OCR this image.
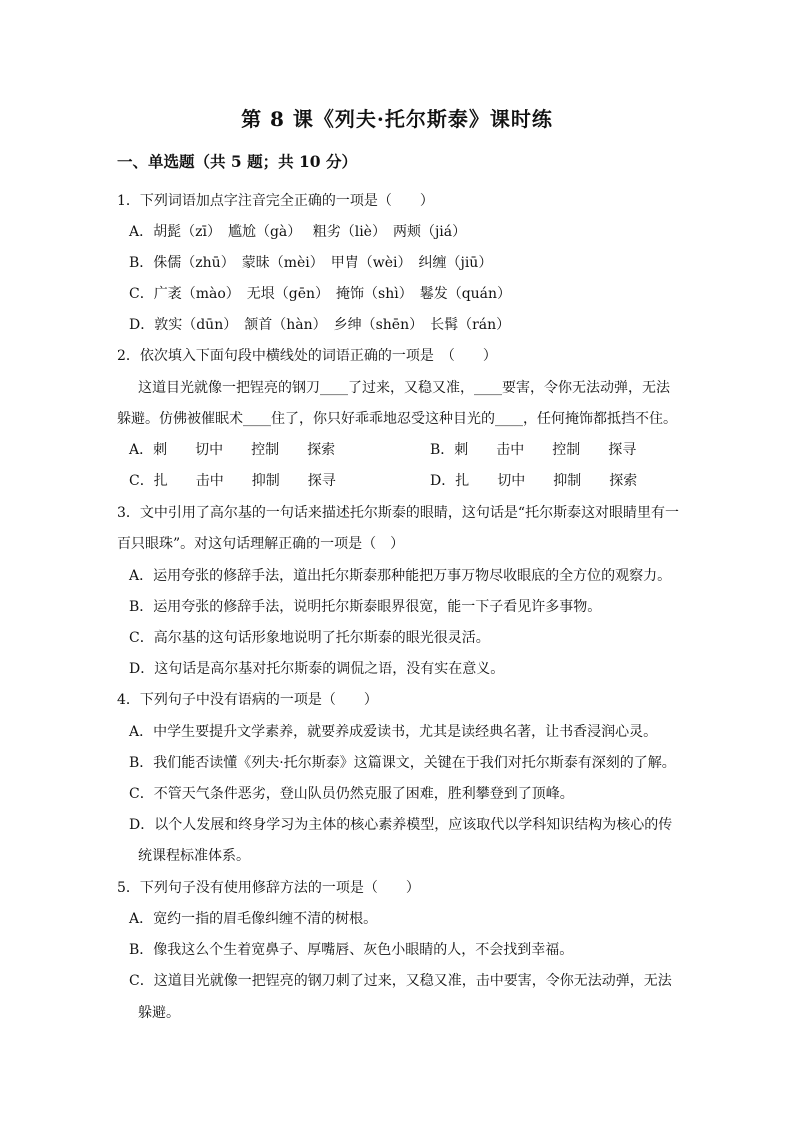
第 8 课《列夫·托尔斯泰》课时练
一、单选题（共 5 题；共 10 分）
1．下列词语加点字注音完全正确的一项是（　　）
A．胡髭（zī）　尴尬（gà）　 粗劣（liè）　两颊（jiá）
B．侏儒（zhū）　蒙昧（mèi）　甲胄（wèi）　纠缠（jiū）
C．广袤（mào）　无垠（gēn）　掩饰（shì）　鬈发（quán）
D．敦实（dūn）　颔首（hàn）　乡绅（shēn）　长髯（rán）
2．依次填入下面句段中横线处的词语正确的一项是　（　　）
这道目光就像一把锃亮的钢刀____了过来，又稳又准，____要害，令你无法动弹，无法
躲避。仿佛被催眠术____住了，你只好乖乖地忍受这种目光的____，任何掩饰都抵挡不住。
A．刺　　切中　　控制　　探索	B．刺　　击中　　控制　　探寻
C．扎　　击中　　抑制　　探寻	D．扎　　切中　　抑制　　探索
3．文中引用了高尔基的一句话来描述托尔斯泰的眼睛，这句话是“托尔斯泰这对眼睛里有一
百只眼珠”。对这句话理解正确的一项是（　）
A．运用夸张的修辞手法，道出托尔斯泰那种能把万事万物尽收眼底的全方位的观察力。
B．运用夸张的修辞手法，说明托尔斯泰眼界很宽，能一下子看见许多事物。
C．高尔基的这句话形象地说明了托尔斯泰的眼光很灵活。
D．这句话是高尔基对托尔斯泰的调侃之语，没有实在意义。
4．下列句子中没有语病的一项是（　　）
A．中学生要提升文学素养，就要养成爱读书，尤其是读经典名著，让书香浸润心灵。
B．我们能否读懂《列夫·托尔斯泰》这篇课文，关键在于我们对托尔斯泰有深刻的了解。
C．不管天气条件恶劣，登山队员仍然克服了困难，胜利攀登到了顶峰。
D．以个人发展和终身学习为主体的核心素养模型，应该取代以学科知识结构为核心的传
统课程标准体系。
5．下列句子没有使用修辞方法的一项是（　　）
A．宽约一指的眉毛像纠缠不清的树根。
B．像我这么个生着宽鼻子、厚嘴唇、灰色小眼睛的人，不会找到幸福。
C．这道目光就像一把锃亮的钢刀刺了过来，又稳又准，击中要害，令你无法动弹，无法
躲避。
